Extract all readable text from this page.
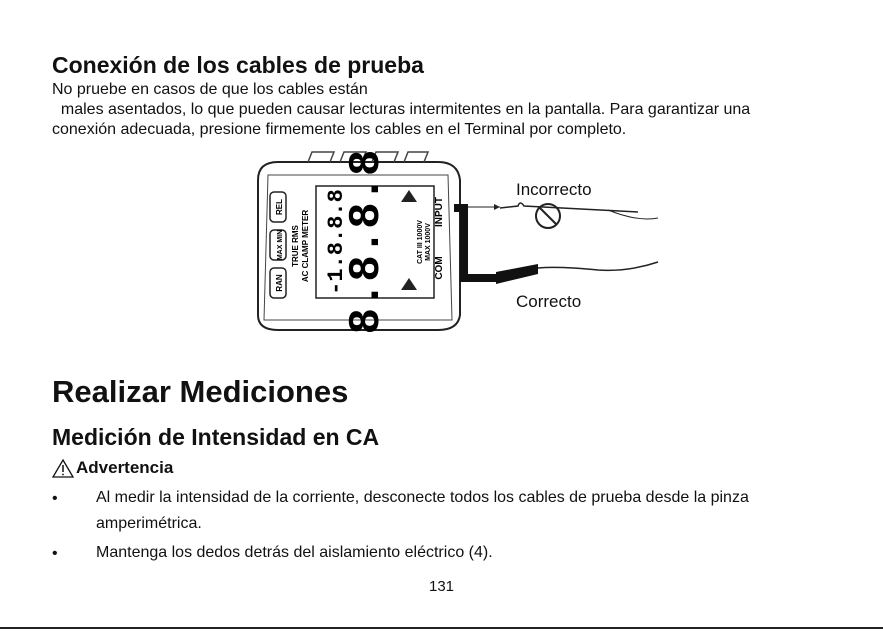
Conexión de los cables de prueba
No pruebe en casos de que los cables están
males asentados, lo que pueden causar lecturas intermitentes en la pantalla. Para garantizar una
conexión adecuada, presione firmemente los cables en el Terminal por completo.
REL
MAX MIN
RAN
TRUE RMS AC CLAMP METER -1.8.8.8
8.8.8.8	CAT III 1000V MAX 1000V
INPUT
COM
Incorrecto
Correcto
Realizar Mediciones
Medición de Intensidad en CA
Advertencia
• Al medir la intensidad de la corriente, desconecte todos los cables de prueba desde la pinza amperimétrica.
• Mantenga los dedos detrás del aislamiento eléctrico (4).
131
